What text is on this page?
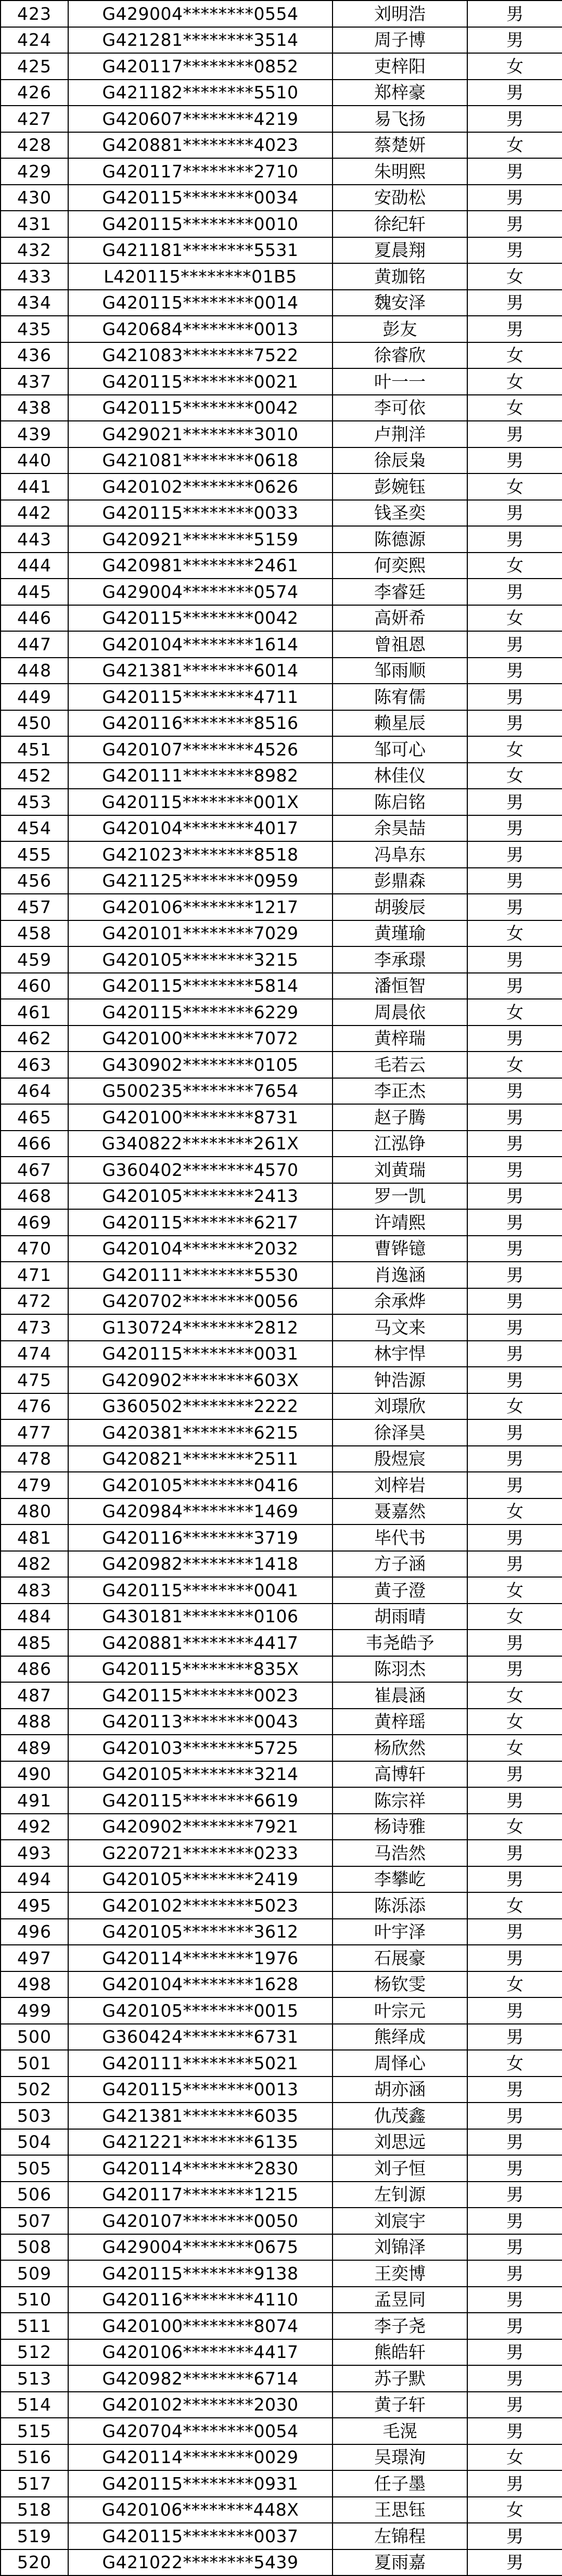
423	G429004********0554	刘明浩	男
424	G421281********3514	周子博	男
425	G420117********0852	吏梓阳	女
426	G421182********5510	郑梓豪	男
427	G420607********4219	易飞扬	男
428	G420881********4023	蔡楚妍	女
429	G420117********2710	朱明熙	男
430	G420115********0034	安劭松	男
431	G420115********0010	徐纪轩	男
432	G421181********5531	夏晨翔	男
433	L420115********01B5	黄珈铭	女
434	G420115********0014	魏安泽	男
435	G420684********0013	彭友	男
436	G421083********7522	徐睿欣	女
437	G420115********0021	叶一一	女
438	G420115********0042	李可依	女
439	G429021********3010	卢荆洋	男
440	G421081********0618	徐辰枭	男
441	G420102********0626	彭婉钰	女
442	G420115********0033	钱圣奕	男
443	G420921********5159	陈德源	男
444	G420981********2461	何奕熙	女
445	G429004********0574	李睿廷	男
446	G420115********0042	高妍希	女
447	G420104********1614	曾祖恩	男
448	G421381********6014	邹雨顺	男
449	G420115********4711	陈宥儒	男
450	G420116********8516	赖星辰	男
451	G420107********4526	邹可心	女
452	G420111********8982	林佳仪	女
453	G420115********001X	陈启铭	男
454	G420104********4017	余昊喆	男
455	G421023********8518	冯阜东	男
456	G421125********0959	彭鼎森	男
457	G420106********1217	胡骏辰	男
458	G420101********7029	黄瑾瑜	女
459	G420105********3215	李承璟	男
460	G420115********5814	潘恒智	男
461	G420115********6229	周晨依	女
462	G420100********7072	黄梓瑞	男
463	G430902********0105	毛若云	女
464	G500235********7654	李正杰	男
465	G420100********8731	赵子腾	男
466	G340822********261X	江泓铮	男
467	G360402********4570	刘黄瑞	男
468	G420105********2413	罗一凯	男
469	G420115********6217	许靖熙	男
470	G420104********2032	曹铧镱	男
471	G420111********5530	肖逸涵	男
472	G420702********0056	余承烨	男
473	G130724********2812	马文来	男
474	G420115********0031	林宇悍	男
475	G420902********603X	钟浩源	男
476	G360502********2222	刘璟欣	女
477	G420381********6215	徐泽昊	男
478	G420821********2511	殷煜宸	男
479	G420105********0416	刘梓岩	男
480	G420984********1469	聂嘉然	女
481	G420116********3719	毕代书	男
482	G420982********1418	方子涵	男
483	G420115********0041	黄子澄	女
484	G430181********0106	胡雨晴	女
485	G420881********4417	韦尧皓予	男
486	G420115********835X	陈羽杰	男
487	G420115********0023	崔晨涵	女
488	G420113********0043	黄梓瑶	女
489	G420103********5725	杨欣然	女
490	G420105********3214	高博轩	男
491	G420115********6619	陈宗祥	男
492	G420902********7921	杨诗雅	女
493	G220721********0233	马浩然	男
494	G420105********2419	李攀屹	男
495	G420102********5023	陈泺添	女
496	G420105********3612	叶宇泽	男
497	G420114********1976	石展豪	男
498	G420104********1628	杨钦雯	女
499	G420105********0015	叶宗元	男
500	G360424********6731	熊绎成	男
501	G420111********5021	周怿心	女
502	G420115********0013	胡亦涵	男
503	G421381********6035	仇茂鑫	男
504	G421221********6135	刘思远	男
505	G420114********2830	刘子恒	男
506	G420117********1215	左钊源	男
507	G420107********0050	刘宸宇	男
508	G429004********0675	刘锦泽	男
509	G420115********9138	王奕博	男
510	G420116********4110	孟昱同	男
511	G420100********8074	李子尧	男
512	G420106********4417	熊皓轩	男
513	G420982********6714	苏子默	男
514	G420102********2030	黄子轩	男
515	G420704********0054	毛滉	男
516	G420114********0029	吴璟洵	女
517	G420115********0931	任子墨	男
518	G420106********448X	王思钰	女
519	G420115********0037	左锦程	男
520	G421022********5439	夏雨嘉	男
